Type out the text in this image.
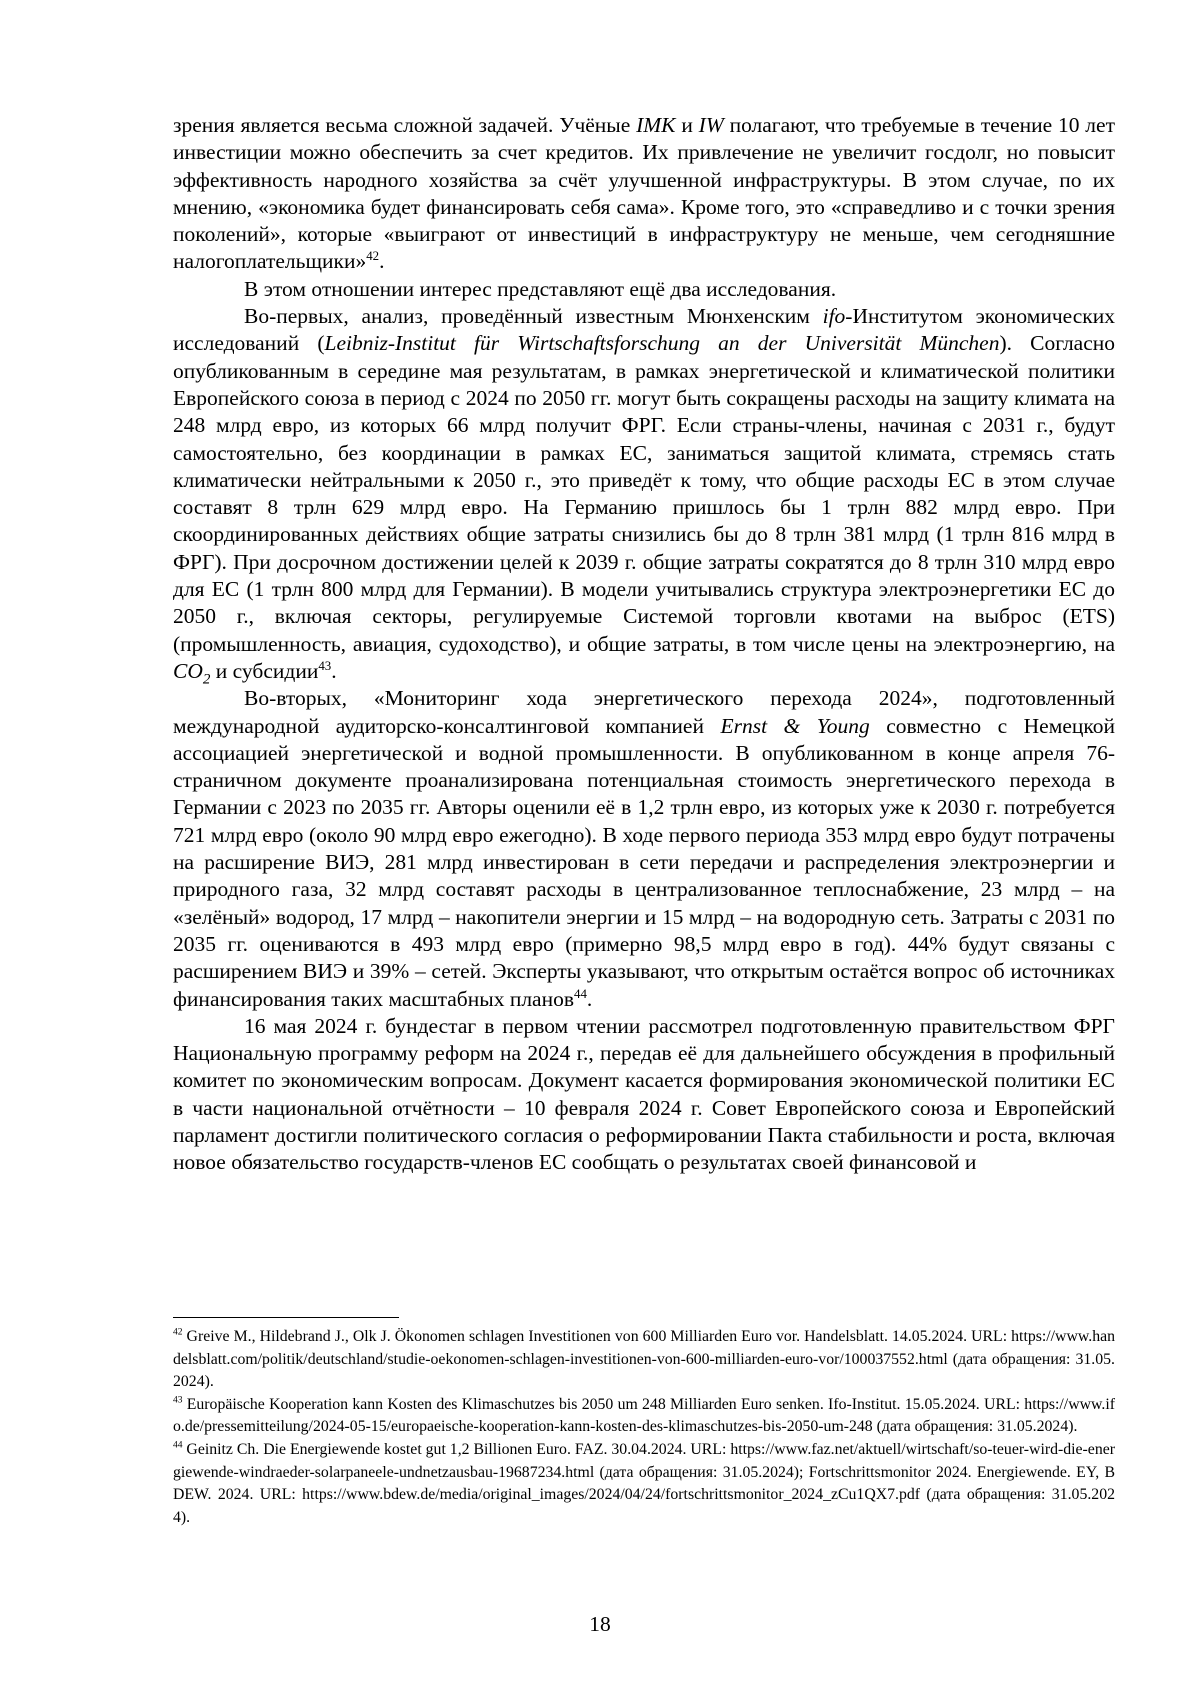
зрения является весьма сложной задачей. Учёные IMK и IW полагают, что требуемые в течение 10 лет инвестиции можно обеспечить за счет кредитов. Их привлечение не увеличит госдолг, но повысит эффективность народного хозяйства за счёт улучшенной инфраструктуры. В этом случае, по их мнению, «экономика будет финансировать себя сама». Кроме того, это «справедливо и с точки зрения поколений», которые «выиграют от инвестиций в инфраструктуру не меньше, чем сегодняшние налогоплательщики»$^{42}$.

В этом отношении интерес представляют ещё два исследования.

Во-первых, анализ, проведённый известным Мюнхенским ifo-Институтом экономических исследований (Leibniz-Institut für Wirtschaftsforschung an der Universität München). Согласно опубликованным в середине мая результатам, в рамках энергетической и климатической политики Европейского союза в период с 2024 по 2050 гг. могут быть сокращены расходы на защиту климата на 248 млрд евро, из которых 66 млрд получит ФРГ. Если страны-члены, начиная с 2031 г., будут самостоятельно, без координации в рамках ЕС, заниматься защитой климата, стремясь стать климатически нейтральными к 2050 г., это приведёт к тому, что общие расходы ЕС в этом случае составят 8 трлн 629 млрд евро. На Германию пришлось бы 1 трлн 882 млрд евро. При скоординированных действиях общие затраты снизились бы до 8 трлн 381 млрд (1 трлн 816 млрд в ФРГ). При досрочном достижении целей к 2039 г. общие затраты сократятся до 8 трлн 310 млрд евро для ЕС (1 трлн 800 млрд для Германии). В модели учитывались структура электроэнергетики ЕС до 2050 г., включая секторы, регулируемые Системой торговли квотами на выброс (ETS) (промышленность, авиация, судоходство), и общие затраты, в том числе цены на электроэнергию, на $CO_2$ и субсидии$^{43}$.

Во-вторых, «Мониторинг хода энергетического перехода 2024», подготовленный международной аудиторско-консалтинговой компанией Ernst & Young совместно с Немецкой ассоциацией энергетической и водной промышленности. В опубликованном в конце апреля 76-страничном документе проанализирована потенциальная стоимость энергетического перехода в Германии с 2023 по 2035 гг. Авторы оценили её в 1,2 трлн евро, из которых уже к 2030 г. потребуется 721 млрд евро (около 90 млрд евро ежегодно). В ходе первого периода 353 млрд евро будут потрачены на расширение ВИЭ, 281 млрд инвестирован в сети передачи и распределения электроэнергии и природного газа, 32 млрд составят расходы в централизованное теплоснабжение, 23 млрд – на «зелёный» водород, 17 млрд – накопители энергии и 15 млрд – на водородную сеть. Затраты с 2031 по 2035 гг. оцениваются в 493 млрд евро (примерно 98,5 млрд евро в год). 44% будут связаны с расширением ВИЭ и 39% – сетей. Эксперты указывают, что открытым остаётся вопрос об источниках финансирования таких масштабных планов$^{44}$.

16 мая 2024 г. бундестаг в первом чтении рассмотрел подготовленную правительством ФРГ Национальную программу реформ на 2024 г., передав её для дальнейшего обсуждения в профильный комитет по экономическим вопросам. Документ касается формирования экономической политики ЕС в части национальной отчётности – 10 февраля 2024 г. Совет Европейского союза и Европейский парламент достигли политического согласия о реформировании Пакта стабильности и роста, включая новое обязательство государств-членов ЕС сообщать о результатах своей финансовой и

$^{42}$ Greive M., Hildebrand J., Olk J. Ökonomen schlagen Investitionen von 600 Milliarden Euro vor. Handelsblatt. 14.05.2024. URL: https://www.handelsblatt.com/politik/deutschland/studie-oekonomen-schlagen-investitionen-von-600-milliarden-euro-vor/100037552.html (дата обращения: 31.05.2024).

$^{43}$ Europäische Kooperation kann Kosten des Klimaschutzes bis 2050 um 248 Milliarden Euro senken. Ifo-Institut. 15.05.2024. URL: https://www.ifo.de/pressemitteilung/2024-05-15/europaeische-kooperation-kann-kosten-des-klimaschutzes-bis-2050-um-248 (дата обращения: 31.05.2024).

$^{44}$ Geinitz Ch. Die Energiewende kostet gut 1,2 Billionen Euro. FAZ. 30.04.2024. URL: https://www.faz.net/aktuell/wirtschaft/so-teuer-wird-die-energiewende-windraeder-solarpaneele-undnetzausbau-19687234.html (дата обращения: 31.05.2024); Fortschrittsmonitor 2024. Energiewende. EY, BDEW. 2024. URL: https://www.bdew.de/media/original_images/2024/04/24/fortschrittsmonitor_2024_zCu1QX7.pdf (дата обращения: 31.05.2024).

18
